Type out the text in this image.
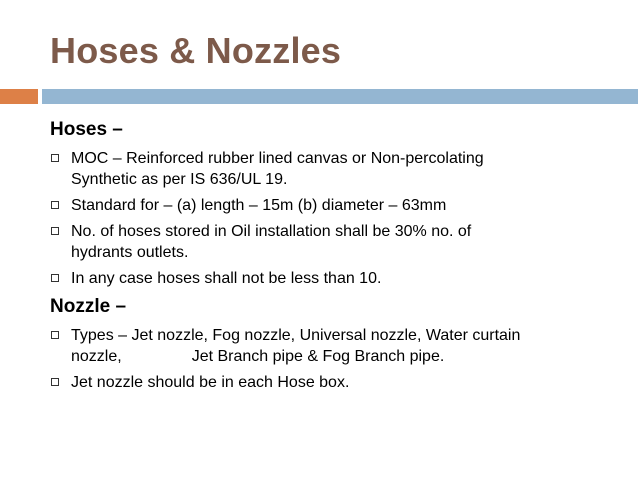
Hoses & Nozzles
Hoses –
MOC – Reinforced rubber lined canvas or Non-percolating
Synthetic as per IS 636/UL 19.
Standard for – (a) length – 15m (b) diameter – 63mm
No. of hoses stored in Oil installation shall be 30% no. of
hydrants outlets.
In any case hoses shall not be less than 10.
Nozzle –
Types – Jet nozzle, Fog nozzle, Universal nozzle, Water curtain
nozzle,	Jet Branch pipe & Fog Branch pipe.
Jet nozzle should be in each Hose box.
